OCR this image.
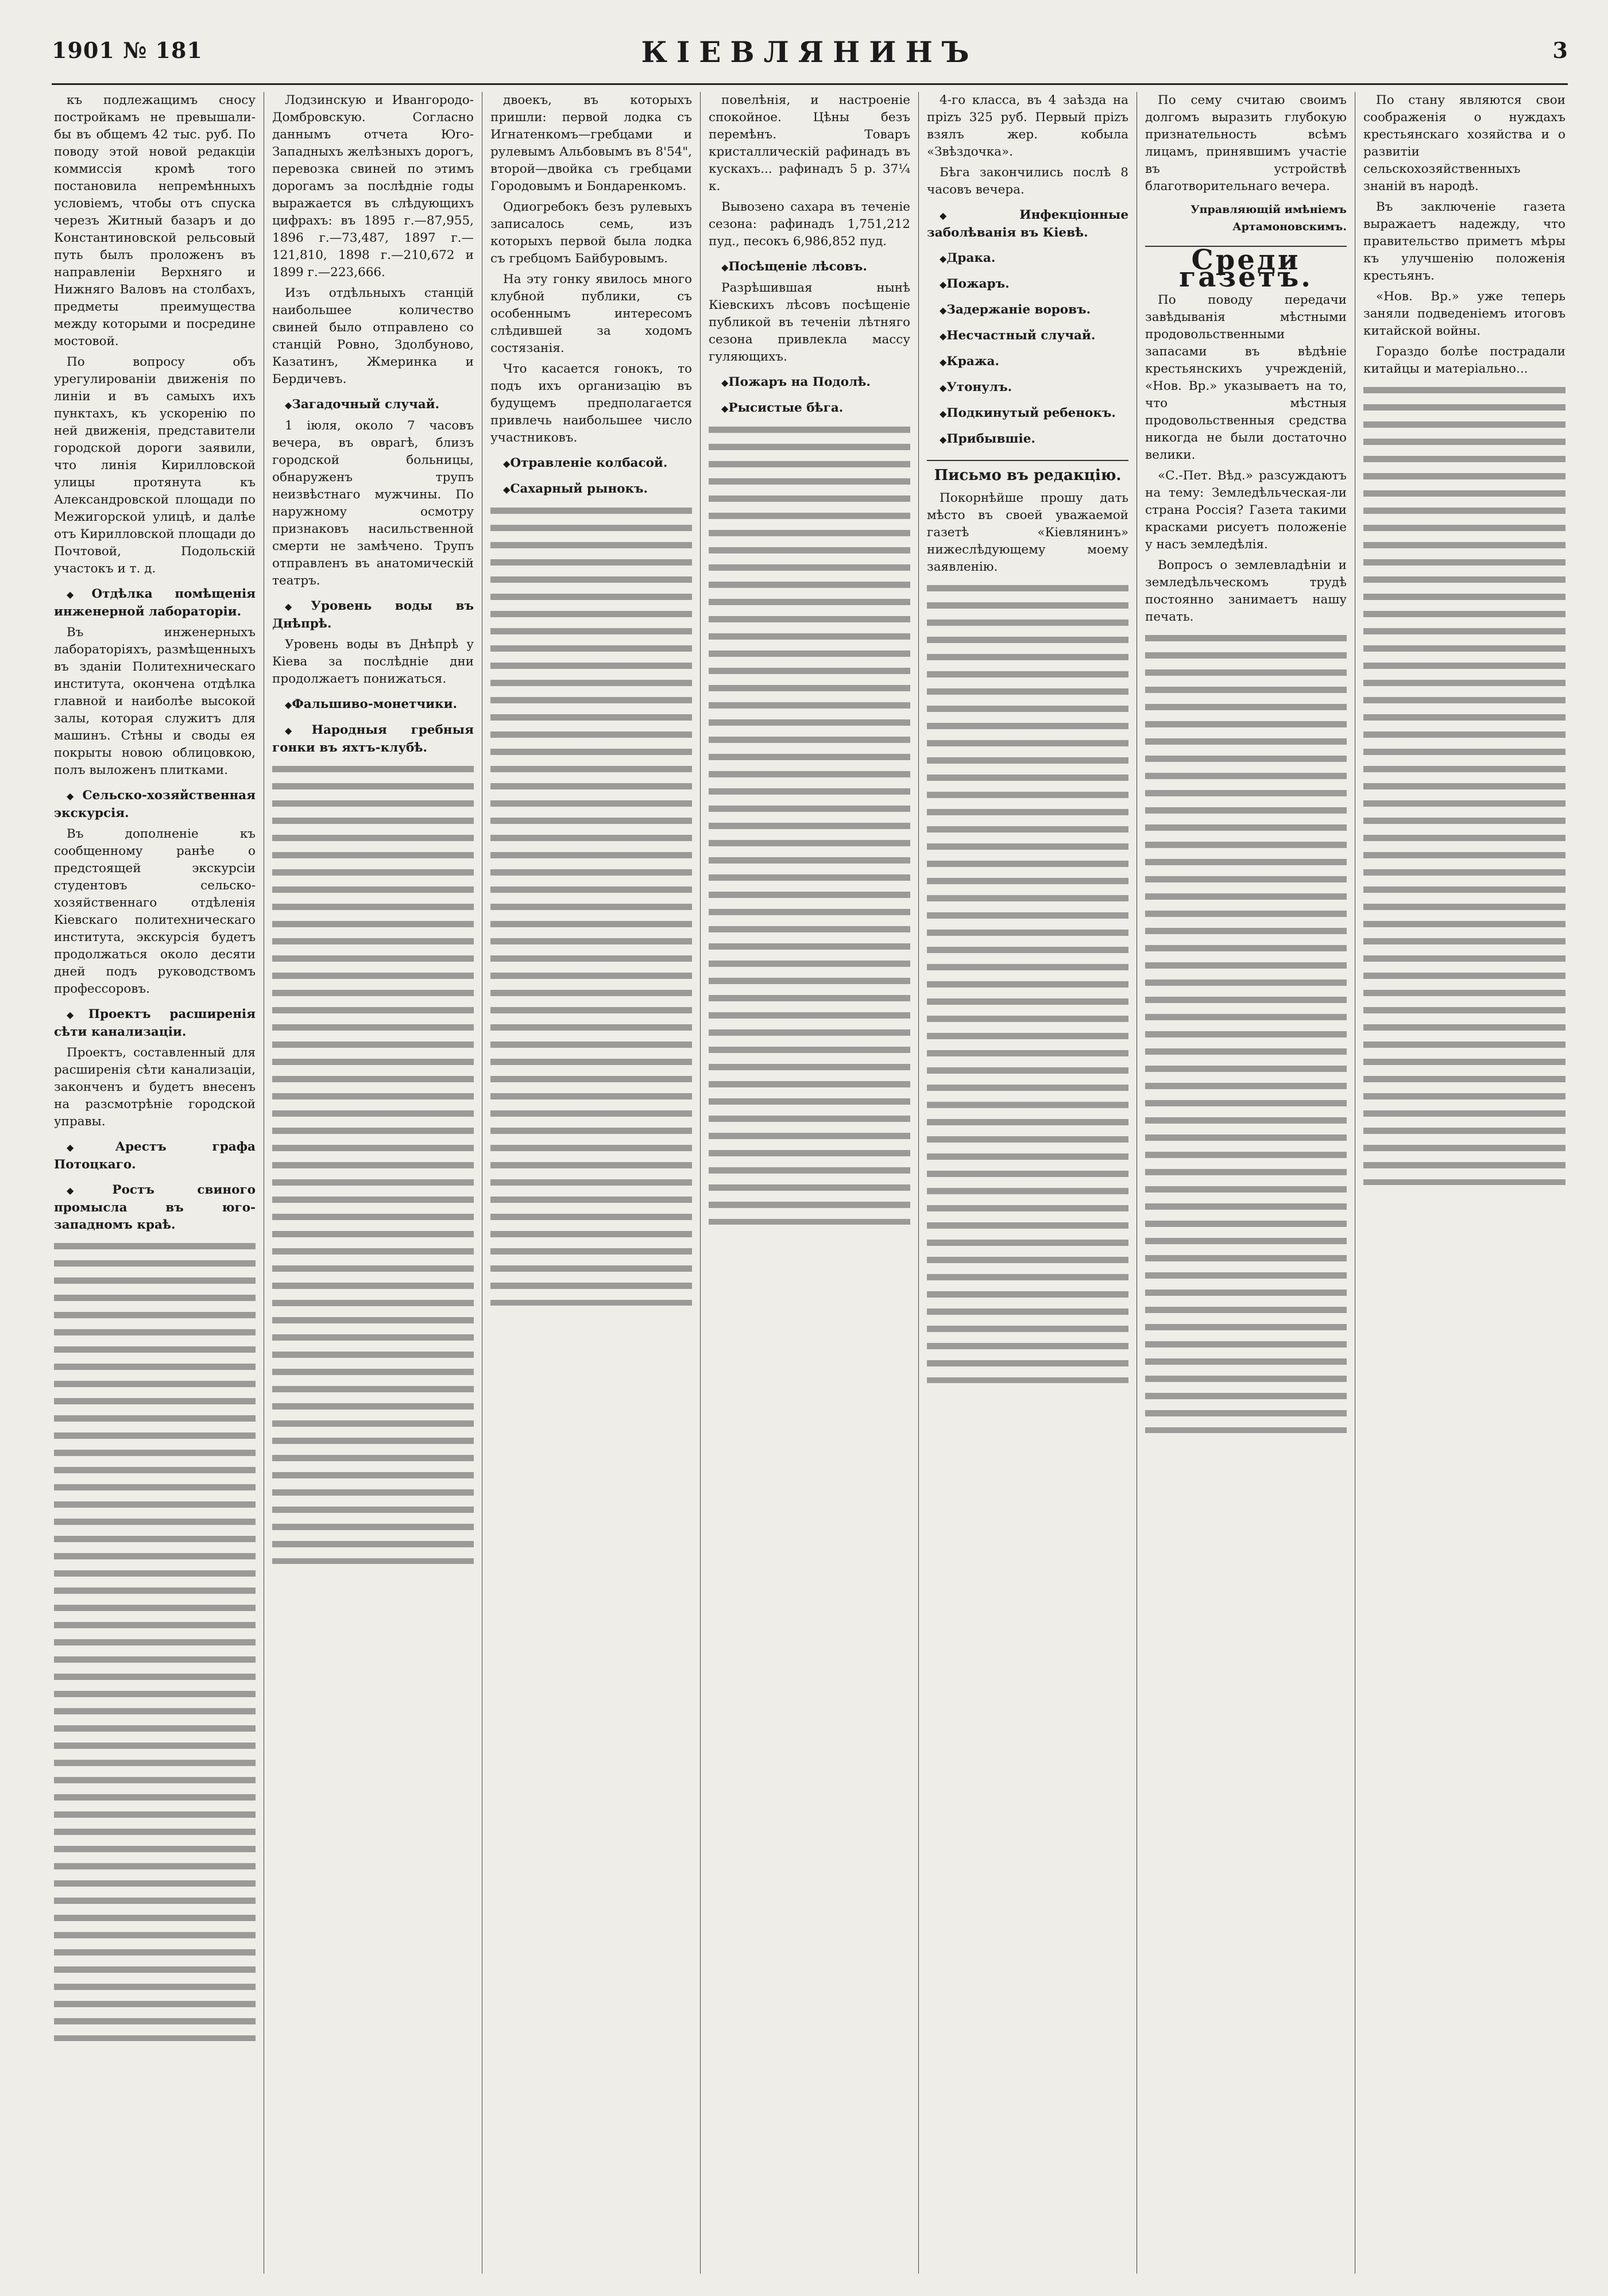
1901 № 181	КІЕВЛЯНИНЪ	3

къ подлежащимъ сносу постройкамъ не превышали-бы въ общемъ 42 тыс. руб. По поводу этой новой редакціи коммиссія кромѣ того постановила непремѣнныхъ условіемъ, чтобы отъ спуска черезъ Житный базаръ и до Константиновской рельсовый путь былъ проложенъ въ направленіи Верхняго и Нижняго Валовъ на столбахъ, предметы преимущества между которыми и посредине мостовой.

По вопросу объ урегулированіи движенія по линіи и въ самыхъ ихъ пунктахъ, къ ускоренію по ней движенія, представители городской дороги заявили, что линія Кирилловской улицы протянута къ Александровской площади по Межигорской улицѣ, и далѣе отъ Кирилловской площади до Почтовой, Подольскій участокъ и т. д.

◆ Отдѣлка помѣщенія инженерной лабораторіи.

Въ инженерныхъ лабораторіяхъ, размѣщенныхъ въ зданіи Политехническаго института, окончена отдѣлка главной и наиболѣе высокой залы, которая служитъ для машинъ. Стѣны и своды ея покрыты новою облицовкою, полъ выложенъ плитками.

◆ Сельско-хозяйственная экскурсія.

Въ дополненіе къ сообщенному ранѣе о предстоящей экскурсіи студентовъ сельско-хозяйственнаго отдѣленія Кіевскаго политехническаго института, экскурсія будетъ продолжаться около десяти дней подъ руководствомъ профессоровъ.

◆ Проектъ расширенія сѣти канализаціи.

Проектъ, составленный для расширенія сѣти канализаціи, законченъ и будетъ внесенъ на разсмотрѣніе городской управы.

◆ Арестъ графа Потоцкаго.

◆ Ростъ свиного промысла въ юго-западномъ краѣ.

Лодзинскую и Ивангородо-Домбровскую. Согласно даннымъ отчета Юго-Западныхъ желѣзныхъ дорогъ, перевозка свиней по этимъ дорогамъ за послѣдніе годы выражается въ слѣдующихъ цифрахъ: въ 1895 г.—87,955, 1896 г.—73,487, 1897 г.—121,810, 1898 г.—210,672 и 1899 г.—223,666.

Изъ отдѣльныхъ станцій наибольшее количество свиней было отправлено со станцій Ровно, Здолбуново, Казатинъ, Жмеринка и Бердичевъ.

◆ Загадочный случай.

1 іюля, около 7 часовъ вечера, въ оврагѣ, близъ городской больницы, обнаруженъ трупъ неизвѣстнаго мужчины. По наружному осмотру признаковъ насильственной смерти не замѣчено. Трупъ отправленъ въ анатомическій театръ.

◆ Уровень воды въ Днѣпрѣ.

Уровень воды въ Днѣпрѣ у Кіева за послѣдніе дни продолжаетъ понижаться.

◆ Фальшиво-монетчики.

◆ Народныя гребныя гонки въ яхтъ-клубѣ.

двоекъ, въ которыхъ пришли: первой лодка съ Игнатенкомъ—гребцами и рулевымъ Альбовымъ въ 8'54", второй—двойка съ гребцами Городовымъ и Бондаренкомъ.

Одиогребокъ безъ рулевыхъ записалось семь, изъ которыхъ первой была лодка съ гребцомъ Байбуровымъ.

На эту гонку явилось много клубной публики, съ особеннымъ интересомъ слѣдившей за ходомъ состязанія.

Что касается гонокъ, то подъ ихъ организацію въ будущемъ предполагается привлечь наибольшее число участниковъ.

◆ Отравленіе колбасой.

◆ Сахарный рынокъ.

повелѣнія, и настроеніе спокойное. Цѣны безъ перемѣнъ. Товаръ кристаллическій рафинадъ въ кускахъ... рафинадъ 5 р. 37¼ к.

Вывозено сахара въ теченіе сезона: рафинадъ 1,751,212 пуд., песокъ 6,986,852 пуд.

◆ Посѣщеніе лѣсовъ.

Разрѣшившая нынѣ Кіевскихъ лѣсовъ посѣщеніе публикой въ теченіи лѣтняго сезона привлекла массу гуляющихъ.

◆ Пожаръ на Подолѣ.

◆ Рысистые бѣга.

4-го класса, въ 4 заѣзда на прizъ 325 руб. Первый прizъ взялъ жер. кобыла «Звѣздочка».

Бѣга закончились послѣ 8 часовъ вечера.

◆ Инфекціонные заболѣванія въ Кіевѣ.

◆ Драка.

◆ Пожаръ.

◆ Задержаніе воровъ.

◆ Несчастный случай.

◆ Кража.

◆ Утонулъ.

◆ Подкинутый ребенокъ.

◆ Прибывшіе.

Письмо въ редакцію.

Покорнѣйше прошу дать мѣсто въ своей уважаемой газетѣ «Кіевлянинъ» нижеслѣдующему моему заявленію.

По сему считаю своимъ долгомъ выразить глубокую признательность всѣмъ лицамъ, принявшимъ участіе въ устройствѣ благотворительнаго вечера.

Управляющій имѣніемъ Артамоновскимъ.

Среди газетъ.

По поводу передачи завѣдыванія мѣстными продовольственными запасами въ вѣдѣніе крестьянскихъ учрежденій, «Нов. Вр.» указываетъ на то, что мѣстныя продовольственныя средства никогда не были достаточно велики.

«С.-Пет. Вѣд.» разсуждаютъ на тему: Земледѣльческая-ли страна Россія? Газета такими красками рисуетъ положеніе у насъ земледѣлія.

Вопросъ о землевладѣніи и земледѣльческомъ трудѣ постоянно занимаетъ нашу печать.

По стану являются свои соображенія о нуждахъ крестьянскаго хозяйства и о развитіи сельскохозяйственныхъ знаній въ народѣ.

Въ заключеніе газета выражаетъ надежду, что правительство приметъ мѣры къ улучшенію положенія крестьянъ.

«Нов. Вр.» уже теперь заняли подведеніемъ итоговъ китайской войны.

Гораздо болѣе пострадали китайцы и матеріально...
